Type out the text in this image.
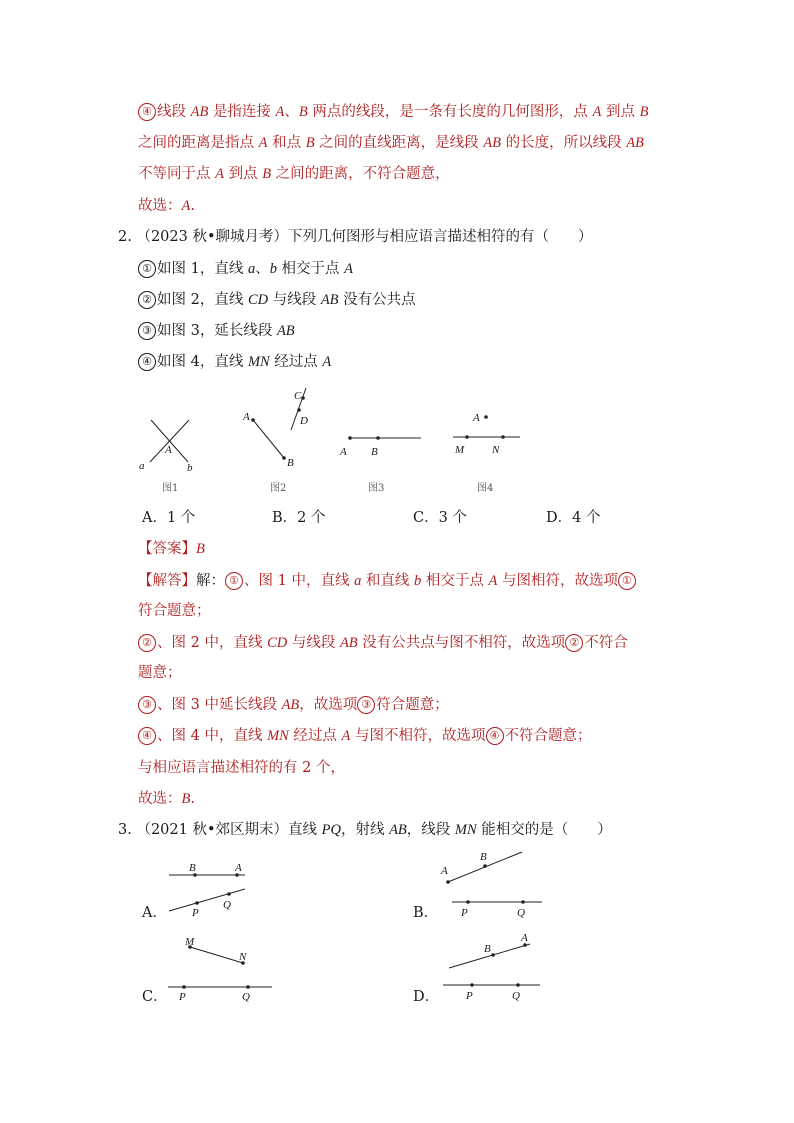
④ 线段 AB 是指连接 A、B 两点的线段，是一条有长度的几何图形，点 A 到点 B
之间的距离是指点 A 和点 B 之间的直线距离，是线段 AB 的长度，所以线段 AB
不等同于点 A 到点 B 之间的距离，不符合题意，
故选：A.
2. （2023 秋•聊城月考）下列几何图形与相应语言描述相符的有（　　）
① 如图 1，直线 a、b 相交于点 A
② 如图 2，直线 CD 与线段 AB 没有公共点
③ 如图 3，延长线段 AB
④ 如图 4，直线 MN 经过点 A
A
a	b
图1
A
B
C
D
图2
A B
图3
A
M	N
图4
B	A
P
Q
A
B
P	Q
M
N
P	Q
B
A
P	Q
A．1 个	B．2 个	C．3 个	D．4 个
【答案】B
【解答】解： ① 、图 1 中，直线 a 和直线 b 相交于点 A 与图相符，故选项 ①
符合题意；
② 、图 2 中，直线 CD 与线段 AB 没有公共点与图不相符，故选项 ② 不符合
题意；
③ 、图 3 中延长线段 AB，故选项 ③ 符合题意；
④ 、图 4 中，直线 MN 经过点 A 与图不相符，故选项 ④ 不符合题意；
与相应语言描述相符的有 2 个，
故选：B.
3. （2021 秋•郊区期末）直线 PQ，射线 AB，线段 MN 能相交的是（　　）
A．	B．
C．	D．
